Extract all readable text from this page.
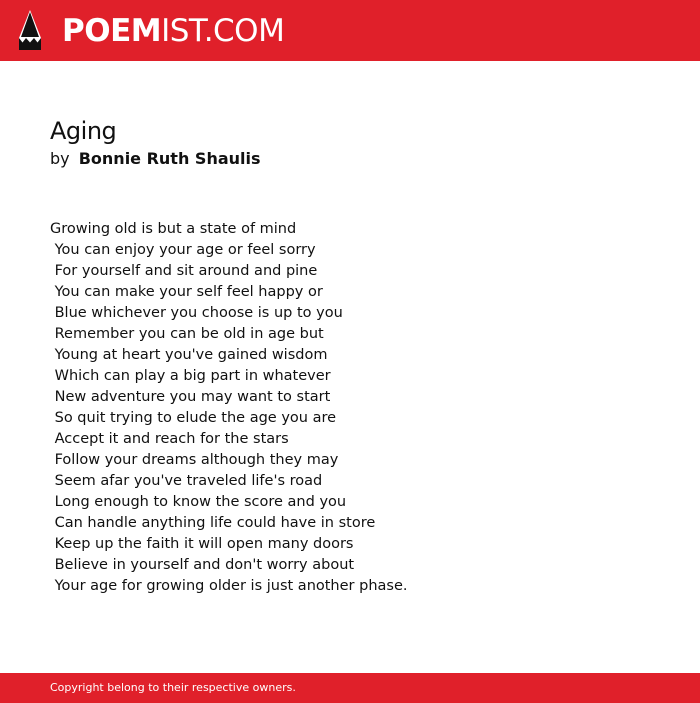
POEMIST.COM
Aging
by Bonnie Ruth Shaulis
Growing old is but a state of mind
You can enjoy your age or feel sorry
For yourself and sit around and pine
You can make your self feel happy or
Blue whichever you choose is up to you
Remember you can be old in age but
Young at heart you've gained wisdom
Which can play a big part in whatever
New adventure you may want to start
So quit trying to elude the age you are
Accept it and reach for the stars
Follow your dreams although they may
Seem afar you've traveled life's road
Long enough to know the score and you
Can handle anything life could have in store
Keep up the faith it will open many doors
Believe in yourself and don't worry about
Your age for growing older is just another phase.
Copyright belong to their respective owners.
